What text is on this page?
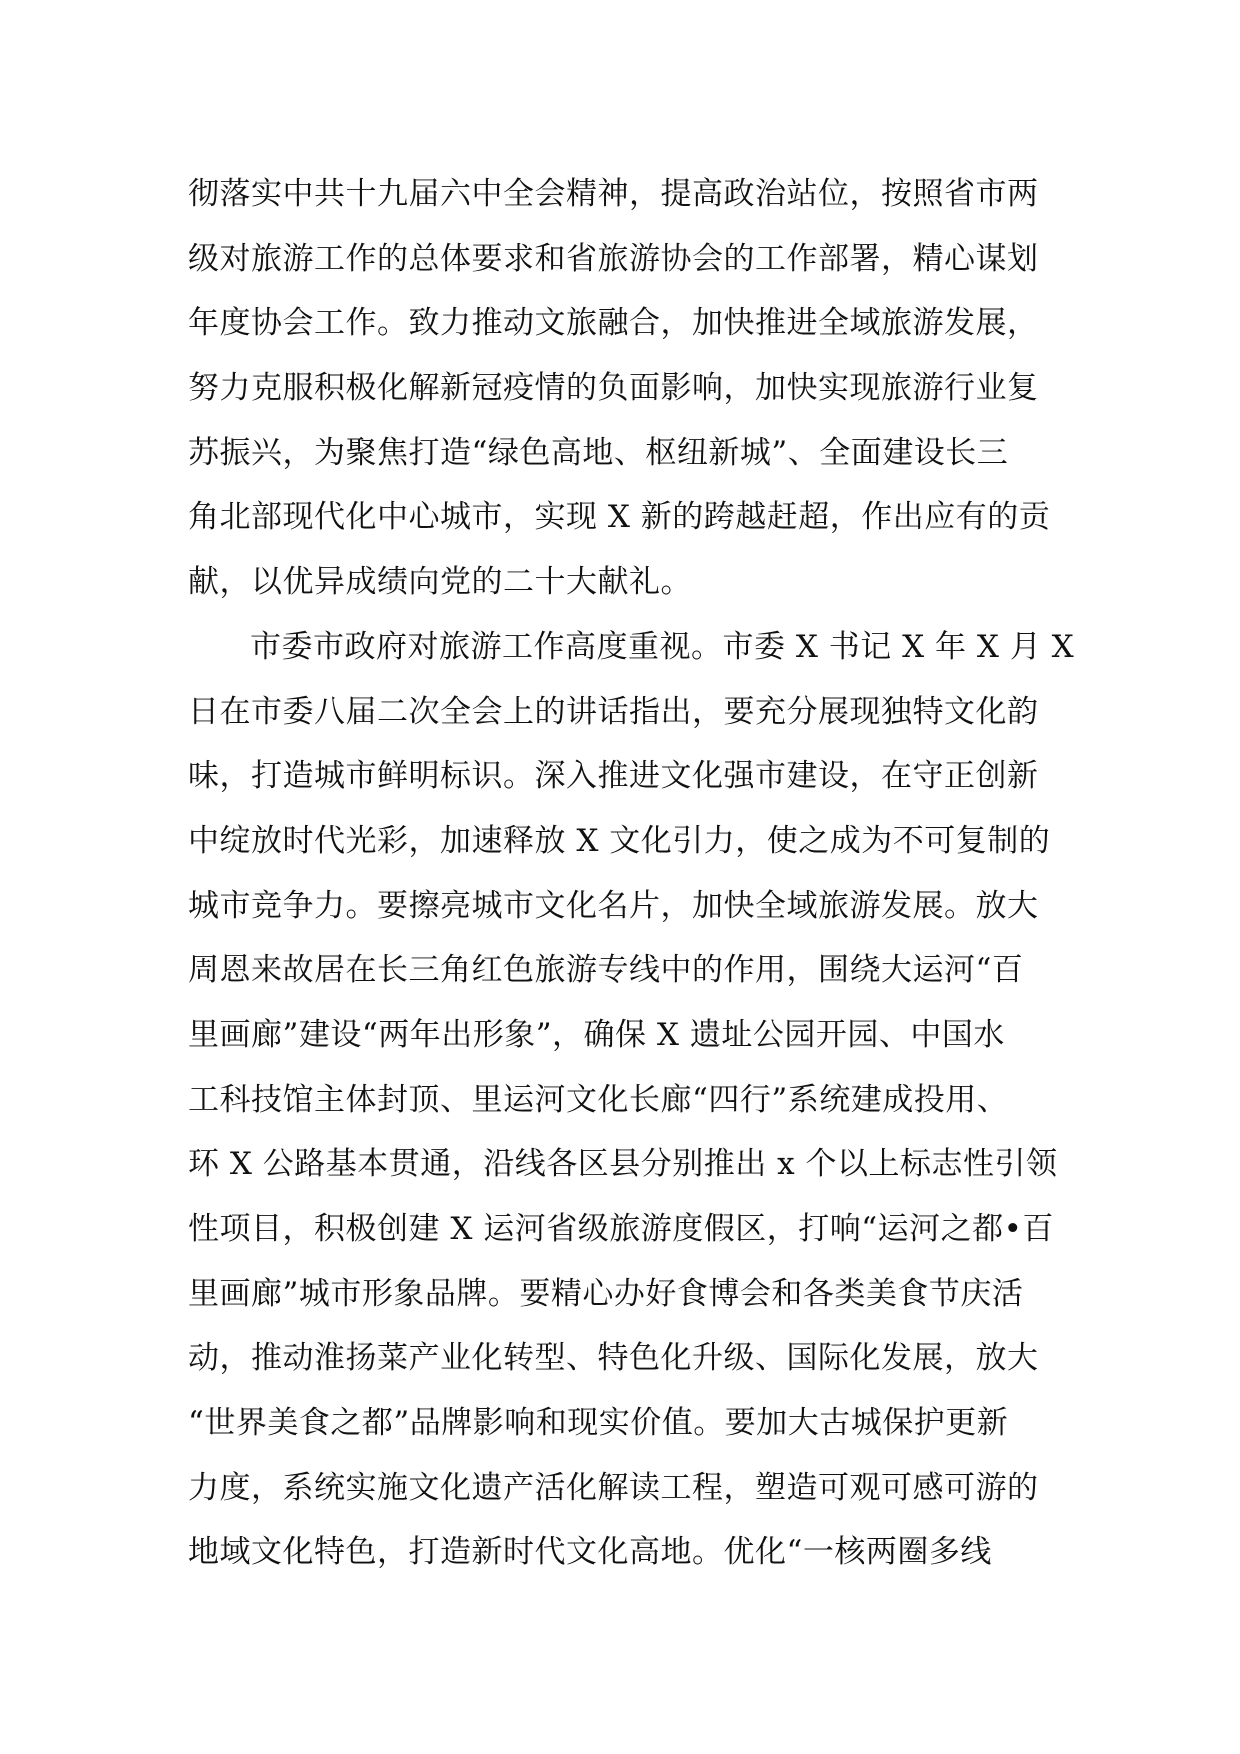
彻落实中共十九届六中全会精神，提高政治站位，按照省市两
级对旅游工作的总体要求和省旅游协会的工作部署，精心谋划
年度协会工作。致力推动文旅融合，加快推进全域旅游发展，
努力克服积极化解新冠疫情的负面影响，加快实现旅游行业复
苏振兴，为聚焦打造“绿色高地、枢纽新城”、全面建设长三
角北部现代化中心城市，实现 X 新的跨越赶超，作出应有的贡
献，以优异成绩向党的二十大献礼。
市委市政府对旅游工作高度重视。市委 X 书记 X 年 X 月 X
日在市委八届二次全会上的讲话指出，要充分展现独特文化韵
味，打造城市鲜明标识。深入推进文化强市建设，在守正创新
中绽放时代光彩，加速释放 X 文化引力，使之成为不可复制的
城市竞争力。要擦亮城市文化名片，加快全域旅游发展。放大
周恩来故居在长三角红色旅游专线中的作用，围绕大运河“百
里画廊”建设“两年出形象”，确保 X 遗址公园开园、中国水
工科技馆主体封顶、里运河文化长廊“四行”系统建成投用、
环 X 公路基本贯通，沿线各区县分别推出 x 个以上标志性引领
性项目，积极创建 X 运河省级旅游度假区，打响“运河之都•百
里画廊”城市形象品牌。要精心办好食博会和各类美食节庆活
动，推动淮扬菜产业化转型、特色化升级、国际化发展，放大
“世界美食之都”品牌影响和现实价值。要加大古城保护更新
力度，系统实施文化遗产活化解读工程，塑造可观可感可游的
地域文化特色，打造新时代文化高地。优化“一核两圈多线
